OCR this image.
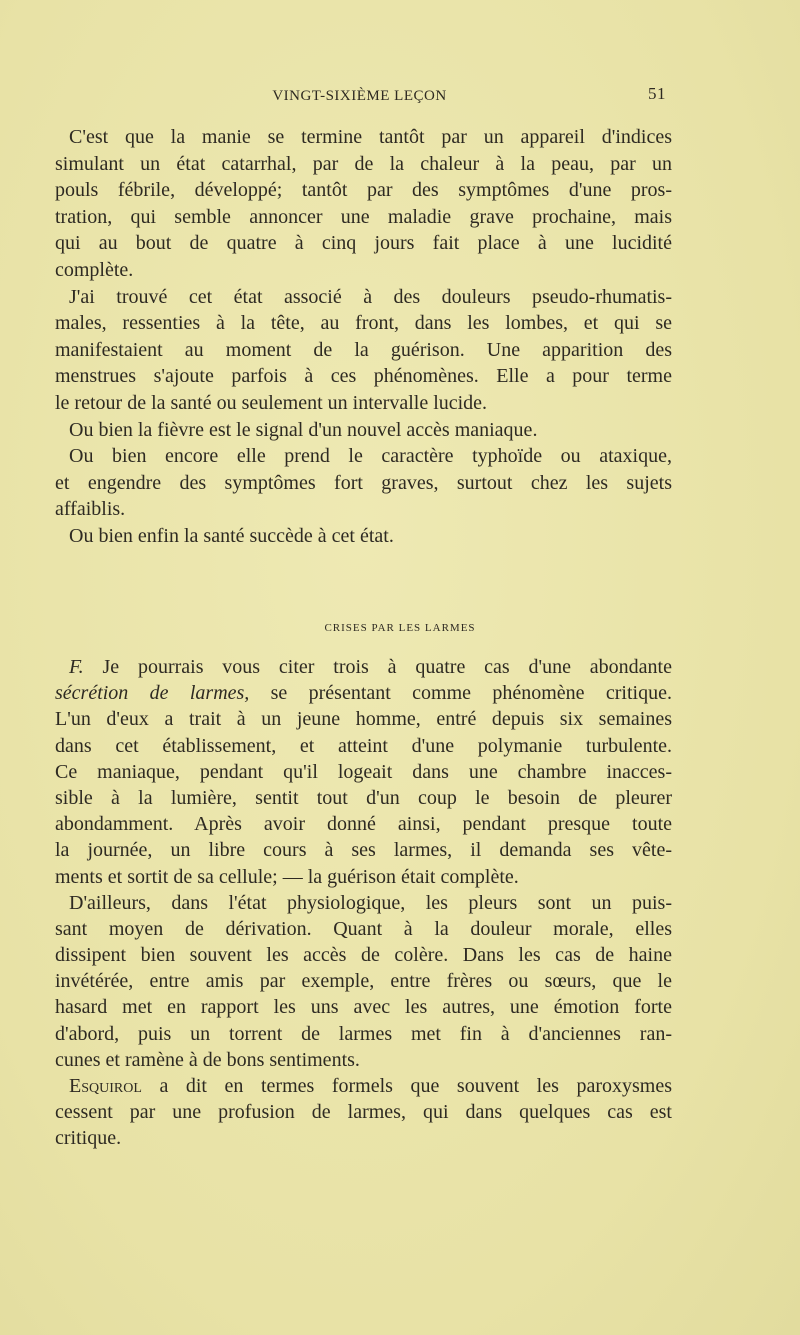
VINGT-SIXIÈME LEÇON	51
C'est que la manie se termine tantôt par un appareil d'indices
simulant un état catarrhal, par de la chaleur à la peau, par un
pouls fébrile, développé; tantôt par des symptômes d'une pros-
tration, qui semble annoncer une maladie grave prochaine, mais
qui au bout de quatre à cinq jours fait place à une lucidité
complète.
J'ai trouvé cet état associé à des douleurs pseudo-rhumatis-
males, ressenties à la tête, au front, dans les lombes, et qui se
manifestaient au moment de la guérison. Une apparition des
menstrues s'ajoute parfois à ces phénomènes. Elle a pour terme
le retour de la santé ou seulement un intervalle lucide.
Ou bien la fièvre est le signal d'un nouvel accès maniaque.
Ou bien encore elle prend le caractère typhoïde ou ataxique,
et engendre des symptômes fort graves, surtout chez les sujets
affaiblis.
Ou bien enfin la santé succède à cet état.
CRISES PAR LES LARMES
F. Je pourrais vous citer trois à quatre cas d'une abondante
sécrétion de larmes, se présentant comme phénomène critique.
L'un d'eux a trait à un jeune homme, entré depuis six semaines
dans cet établissement, et atteint d'une polymanie turbulente.
Ce maniaque, pendant qu'il logeait dans une chambre inacces-
sible à la lumière, sentit tout d'un coup le besoin de pleurer
abondamment. Après avoir donné ainsi, pendant presque toute
la journée, un libre cours à ses larmes, il demanda ses vête-
ments et sortit de sa cellule; — la guérison était complète.
D'ailleurs, dans l'état physiologique, les pleurs sont un puis-
sant moyen de dérivation. Quant à la douleur morale, elles
dissipent bien souvent les accès de colère. Dans les cas de haine
invétérée, entre amis par exemple, entre frères ou sœurs, que le
hasard met en rapport les uns avec les autres, une émotion forte
d'abord, puis un torrent de larmes met fin à d'anciennes ran-
cunes et ramène à de bons sentiments.
Esquirol a dit en termes formels que souvent les paroxysmes
cessent par une profusion de larmes, qui dans quelques cas est
critique.
